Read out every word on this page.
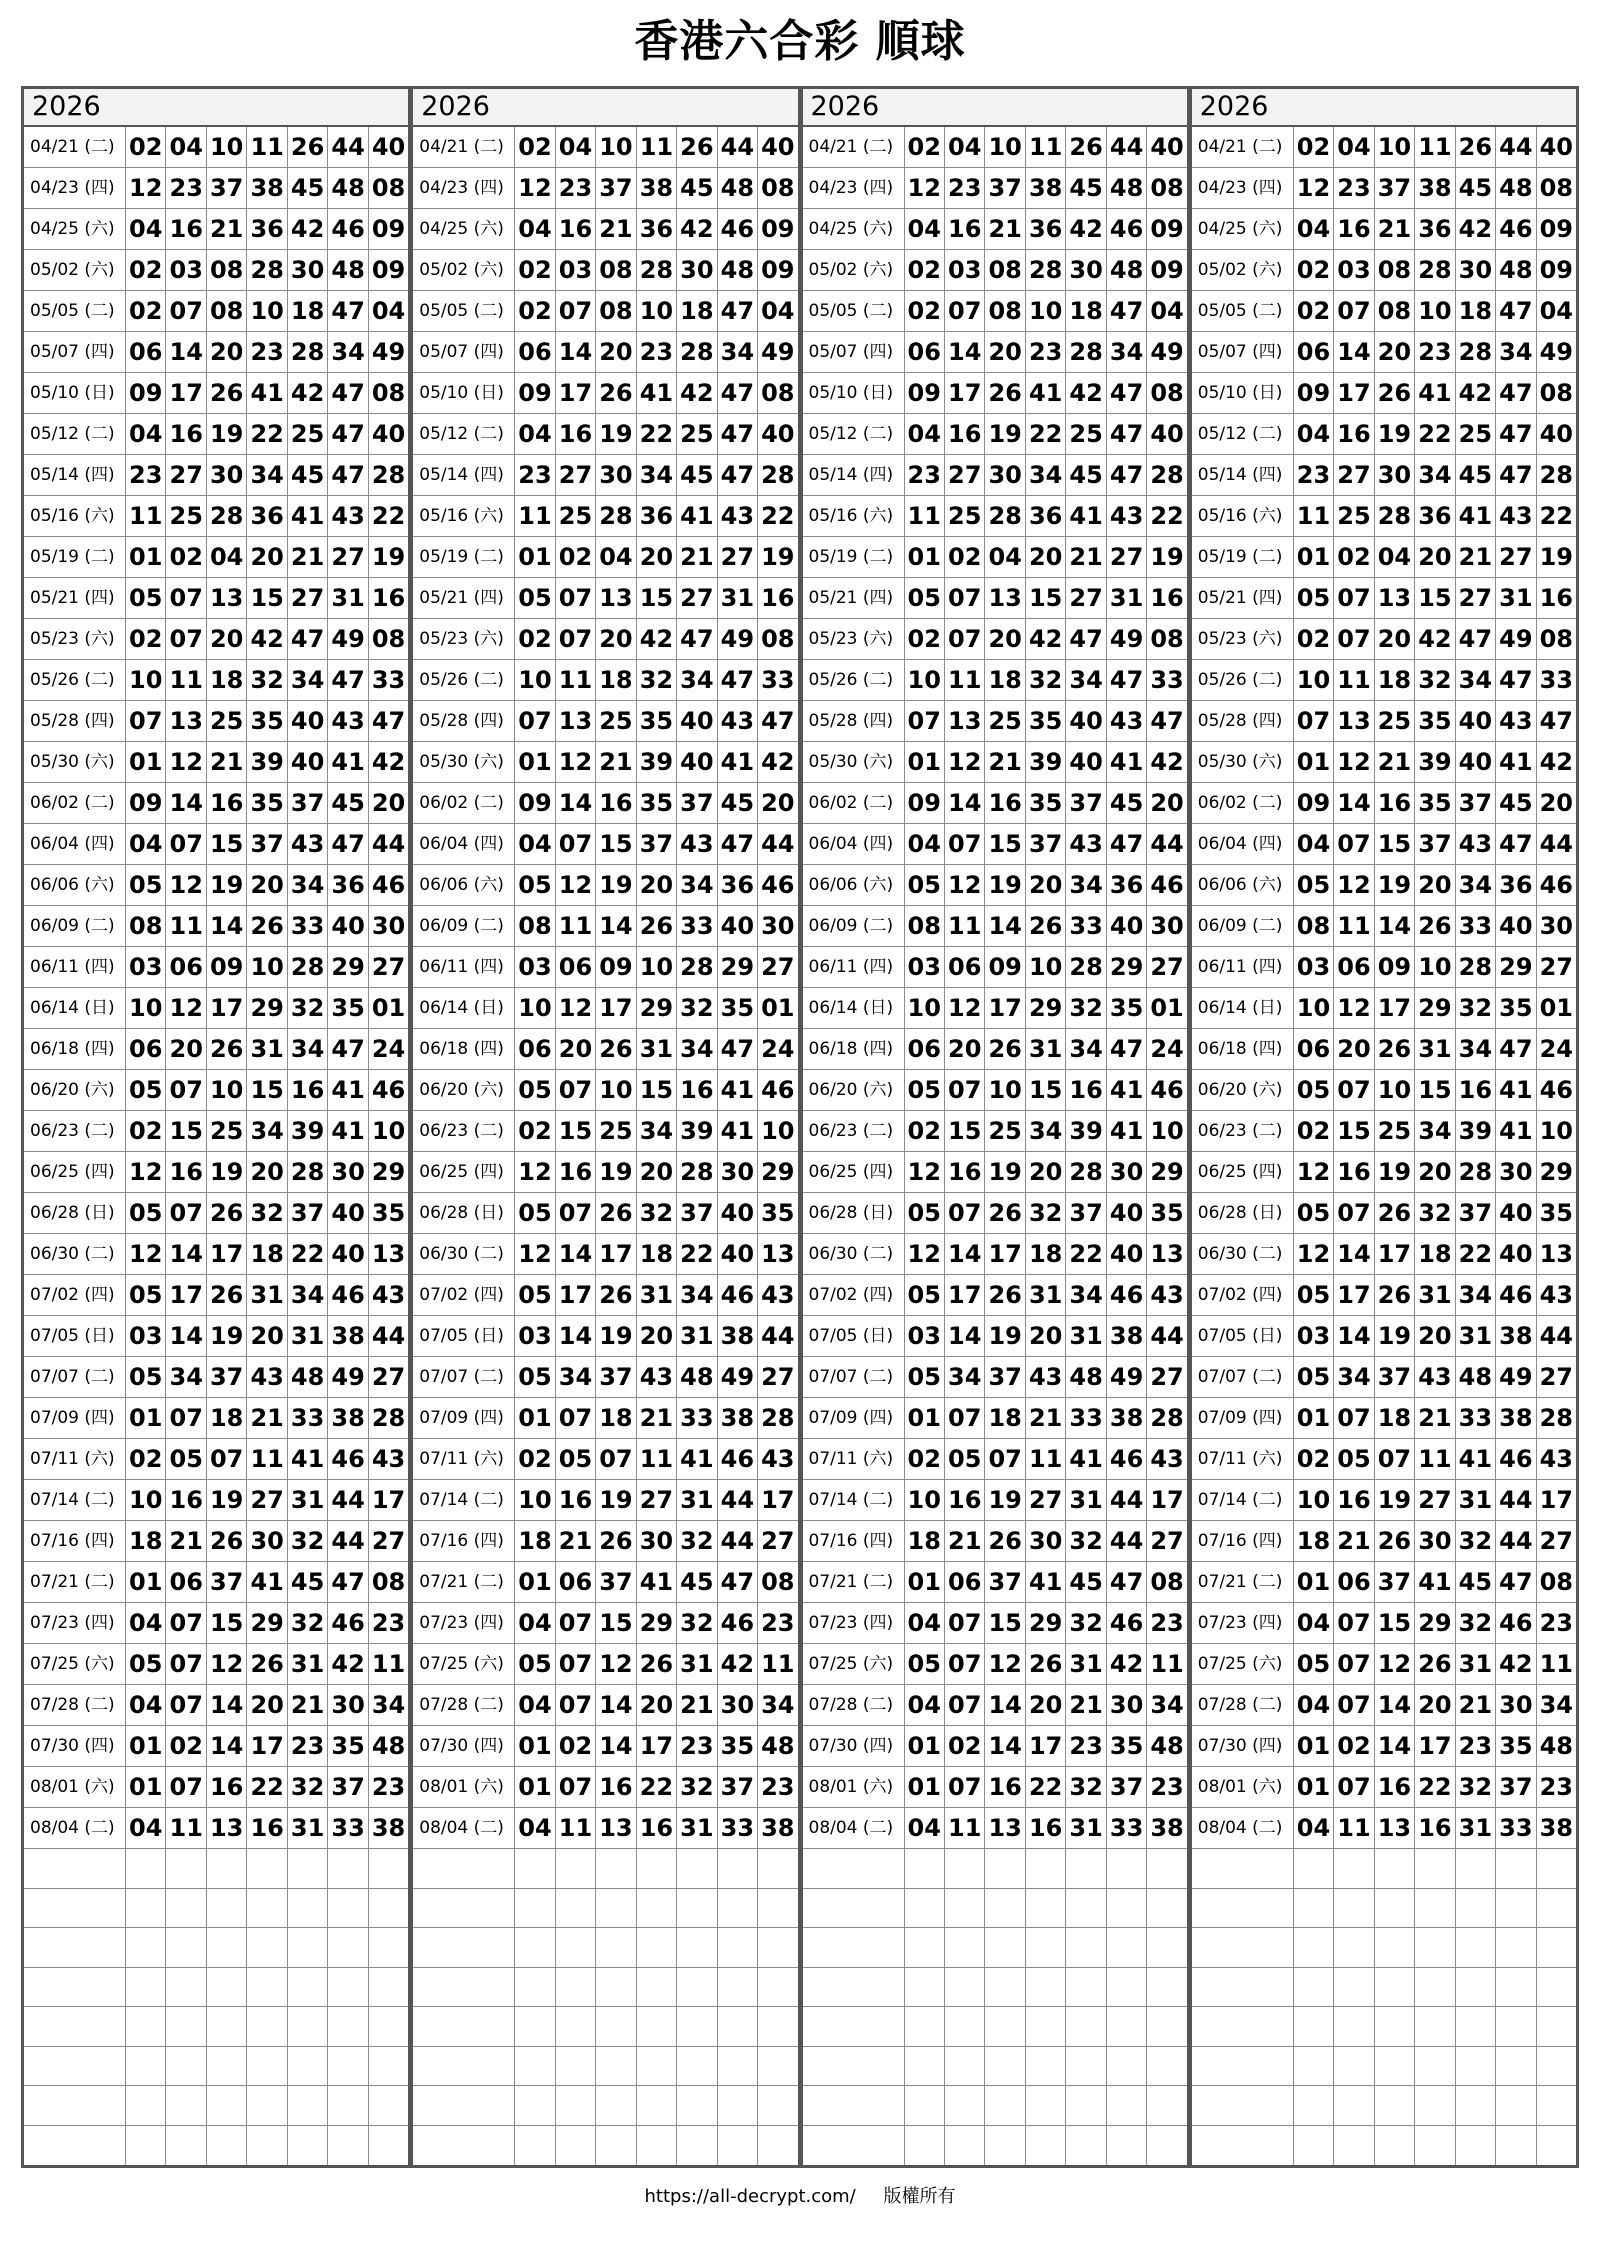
香港六合彩 順球
2026
04/21 (二) 02 04 10 11 26 44 40
04/23 (四) 12 23 37 38 45 48 08
04/25 (六) 04 16 21 36 42 46 09
05/02 (六) 02 03 08 28 30 48 09
05/05 (二) 02 07 08 10 18 47 04
05/07 (四) 06 14 20 23 28 34 49
05/10 (日) 09 17 26 41 42 47 08
05/12 (二) 04 16 19 22 25 47 40
05/14 (四) 23 27 30 34 45 47 28
05/16 (六) 11 25 28 36 41 43 22
05/19 (二) 01 02 04 20 21 27 19
05/21 (四) 05 07 13 15 27 31 16
05/23 (六) 02 07 20 42 47 49 08
05/26 (二) 10 11 18 32 34 47 33
05/28 (四) 07 13 25 35 40 43 47
05/30 (六) 01 12 21 39 40 41 42
06/02 (二) 09 14 16 35 37 45 20
06/04 (四) 04 07 15 37 43 47 44
06/06 (六) 05 12 19 20 34 36 46
06/09 (二) 08 11 14 26 33 40 30
06/11 (四) 03 06 09 10 28 29 27
06/14 (日) 10 12 17 29 32 35 01
06/18 (四) 06 20 26 31 34 47 24
06/20 (六) 05 07 10 15 16 41 46
06/23 (二) 02 15 25 34 39 41 10
06/25 (四) 12 16 19 20 28 30 29
06/28 (日) 05 07 26 32 37 40 35
06/30 (二) 12 14 17 18 22 40 13
07/02 (四) 05 17 26 31 34 46 43
07/05 (日) 03 14 19 20 31 38 44
07/07 (二) 05 34 37 43 48 49 27
07/09 (四) 01 07 18 21 33 38 28
07/11 (六) 02 05 07 11 41 46 43
07/14 (二) 10 16 19 27 31 44 17
07/16 (四) 18 21 26 30 32 44 27
07/21 (二) 01 06 37 41 45 47 08
07/23 (四) 04 07 15 29 32 46 23
07/25 (六) 05 07 12 26 31 42 11
07/28 (二) 04 07 14 20 21 30 34
07/30 (四) 01 02 14 17 23 35 48
08/01 (六) 01 07 16 22 32 37 23
08/04 (二) 04 11 13 16 31 33 38
2026
04/21 (二) 02 04 10 11 26 44 40
04/23 (四) 12 23 37 38 45 48 08
04/25 (六) 04 16 21 36 42 46 09
05/02 (六) 02 03 08 28 30 48 09
05/05 (二) 02 07 08 10 18 47 04
05/07 (四) 06 14 20 23 28 34 49
05/10 (日) 09 17 26 41 42 47 08
05/12 (二) 04 16 19 22 25 47 40
05/14 (四) 23 27 30 34 45 47 28
05/16 (六) 11 25 28 36 41 43 22
05/19 (二) 01 02 04 20 21 27 19
05/21 (四) 05 07 13 15 27 31 16
05/23 (六) 02 07 20 42 47 49 08
05/26 (二) 10 11 18 32 34 47 33
05/28 (四) 07 13 25 35 40 43 47
05/30 (六) 01 12 21 39 40 41 42
06/02 (二) 09 14 16 35 37 45 20
06/04 (四) 04 07 15 37 43 47 44
06/06 (六) 05 12 19 20 34 36 46
06/09 (二) 08 11 14 26 33 40 30
06/11 (四) 03 06 09 10 28 29 27
06/14 (日) 10 12 17 29 32 35 01
06/18 (四) 06 20 26 31 34 47 24
06/20 (六) 05 07 10 15 16 41 46
06/23 (二) 02 15 25 34 39 41 10
06/25 (四) 12 16 19 20 28 30 29
06/28 (日) 05 07 26 32 37 40 35
06/30 (二) 12 14 17 18 22 40 13
07/02 (四) 05 17 26 31 34 46 43
07/05 (日) 03 14 19 20 31 38 44
07/07 (二) 05 34 37 43 48 49 27
07/09 (四) 01 07 18 21 33 38 28
07/11 (六) 02 05 07 11 41 46 43
07/14 (二) 10 16 19 27 31 44 17
07/16 (四) 18 21 26 30 32 44 27
07/21 (二) 01 06 37 41 45 47 08
07/23 (四) 04 07 15 29 32 46 23
07/25 (六) 05 07 12 26 31 42 11
07/28 (二) 04 07 14 20 21 30 34
07/30 (四) 01 02 14 17 23 35 48
08/01 (六) 01 07 16 22 32 37 23
08/04 (二) 04 11 13 16 31 33 38
2026
04/21 (二) 02 04 10 11 26 44 40
04/23 (四) 12 23 37 38 45 48 08
04/25 (六) 04 16 21 36 42 46 09
05/02 (六) 02 03 08 28 30 48 09
05/05 (二) 02 07 08 10 18 47 04
05/07 (四) 06 14 20 23 28 34 49
05/10 (日) 09 17 26 41 42 47 08
05/12 (二) 04 16 19 22 25 47 40
05/14 (四) 23 27 30 34 45 47 28
05/16 (六) 11 25 28 36 41 43 22
05/19 (二) 01 02 04 20 21 27 19
05/21 (四) 05 07 13 15 27 31 16
05/23 (六) 02 07 20 42 47 49 08
05/26 (二) 10 11 18 32 34 47 33
05/28 (四) 07 13 25 35 40 43 47
05/30 (六) 01 12 21 39 40 41 42
06/02 (二) 09 14 16 35 37 45 20
06/04 (四) 04 07 15 37 43 47 44
06/06 (六) 05 12 19 20 34 36 46
06/09 (二) 08 11 14 26 33 40 30
06/11 (四) 03 06 09 10 28 29 27
06/14 (日) 10 12 17 29 32 35 01
06/18 (四) 06 20 26 31 34 47 24
06/20 (六) 05 07 10 15 16 41 46
06/23 (二) 02 15 25 34 39 41 10
06/25 (四) 12 16 19 20 28 30 29
06/28 (日) 05 07 26 32 37 40 35
06/30 (二) 12 14 17 18 22 40 13
07/02 (四) 05 17 26 31 34 46 43
07/05 (日) 03 14 19 20 31 38 44
07/07 (二) 05 34 37 43 48 49 27
07/09 (四) 01 07 18 21 33 38 28
07/11 (六) 02 05 07 11 41 46 43
07/14 (二) 10 16 19 27 31 44 17
07/16 (四) 18 21 26 30 32 44 27
07/21 (二) 01 06 37 41 45 47 08
07/23 (四) 04 07 15 29 32 46 23
07/25 (六) 05 07 12 26 31 42 11
07/28 (二) 04 07 14 20 21 30 34
07/30 (四) 01 02 14 17 23 35 48
08/01 (六) 01 07 16 22 32 37 23
08/04 (二) 04 11 13 16 31 33 38
2026
04/21 (二) 02 04 10 11 26 44 40
04/23 (四) 12 23 37 38 45 48 08
04/25 (六) 04 16 21 36 42 46 09
05/02 (六) 02 03 08 28 30 48 09
05/05 (二) 02 07 08 10 18 47 04
05/07 (四) 06 14 20 23 28 34 49
05/10 (日) 09 17 26 41 42 47 08
05/12 (二) 04 16 19 22 25 47 40
05/14 (四) 23 27 30 34 45 47 28
05/16 (六) 11 25 28 36 41 43 22
05/19 (二) 01 02 04 20 21 27 19
05/21 (四) 05 07 13 15 27 31 16
05/23 (六) 02 07 20 42 47 49 08
05/26 (二) 10 11 18 32 34 47 33
05/28 (四) 07 13 25 35 40 43 47
05/30 (六) 01 12 21 39 40 41 42
06/02 (二) 09 14 16 35 37 45 20
06/04 (四) 04 07 15 37 43 47 44
06/06 (六) 05 12 19 20 34 36 46
06/09 (二) 08 11 14 26 33 40 30
06/11 (四) 03 06 09 10 28 29 27
06/14 (日) 10 12 17 29 32 35 01
06/18 (四) 06 20 26 31 34 47 24
06/20 (六) 05 07 10 15 16 41 46
06/23 (二) 02 15 25 34 39 41 10
06/25 (四) 12 16 19 20 28 30 29
06/28 (日) 05 07 26 32 37 40 35
06/30 (二) 12 14 17 18 22 40 13
07/02 (四) 05 17 26 31 34 46 43
07/05 (日) 03 14 19 20 31 38 44
07/07 (二) 05 34 37 43 48 49 27
07/09 (四) 01 07 18 21 33 38 28
07/11 (六) 02 05 07 11 41 46 43
07/14 (二) 10 16 19 27 31 44 17
07/16 (四) 18 21 26 30 32 44 27
07/21 (二) 01 06 37 41 45 47 08
07/23 (四) 04 07 15 29 32 46 23
07/25 (六) 05 07 12 26 31 42 11
07/28 (二) 04 07 14 20 21 30 34
07/30 (四) 01 02 14 17 23 35 48
08/01 (六) 01 07 16 22 32 37 23
08/04 (二) 04 11 13 16 31 33 38
https://all-decrypt.com/ 版權所有
